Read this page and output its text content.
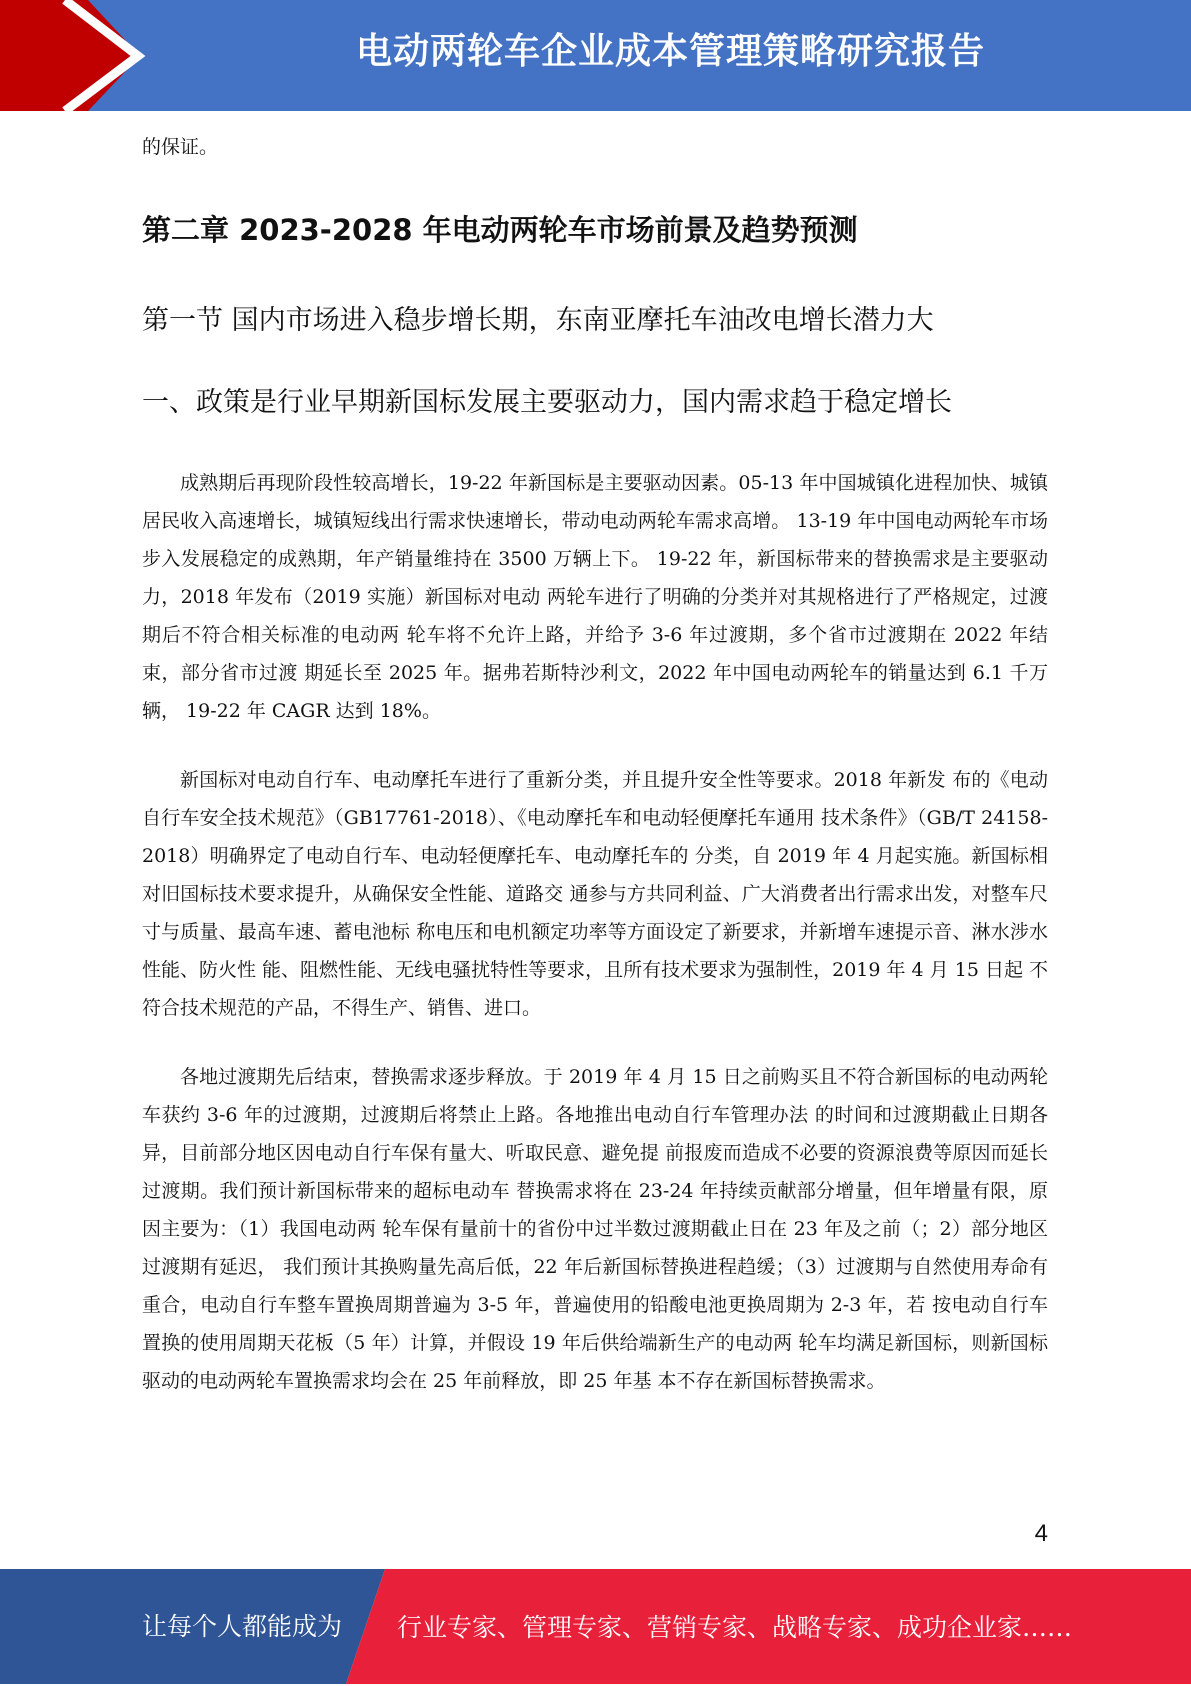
电动两轮车企业成本管理策略研究报告

的保证。

第二章 2023-2028 年电动两轮车市场前景及趋势预测
第一节 国内市场进入稳步增长期，东南亚摩托车油改电增长潜力大
一、政策是行业早期新国标发展主要驱动力，国内需求趋于稳定增长

成熟期后再现阶段性较高增长，19-22 年新国标是主要驱动因素。05-13 年中国城镇化进程加快、城镇居民收入高速增长，城镇短线出行需求快速增长，带动电动两轮车需求高增。 13-19 年中国电动两轮车市场步入发展稳定的成熟期，年产销量维持在 3500 万辆上下。 19-22 年，新国标带来的替换需求是主要驱动力，2018 年发布（2019 实施）新国标对电动 两轮车进行了明确的分类并对其规格进行了严格规定，过渡期后不符合相关标准的电动两 轮车将不允许上路，并给予 3-6 年过渡期，多个省市过渡期在 2022 年结束，部分省市过渡 期延长至 2025 年。据弗若斯特沙利文，2022 年中国电动两轮车的销量达到 6.1 千万辆， 19-22 年 CAGR 达到 18%。

新国标对电动自行车、电动摩托车进行了重新分类，并且提升安全性等要求。2018 年新发 布的《电动自行车安全技术规范》（GB17761-2018）、《电动摩托车和电动轻便摩托车通用 技术条件》（GB/T 24158-2018）明确界定了电动自行车、电动轻便摩托车、电动摩托车的 分类，自 2019 年 4 月起实施。新国标相对旧国标技术要求提升，从确保安全性能、道路交 通参与方共同利益、广大消费者出行需求出发，对整车尺寸与质量、最高车速、蓄电池标 称电压和电机额定功率等方面设定了新要求，并新增车速提示音、淋水涉水性能、防火性 能、阻燃性能、无线电骚扰特性等要求，且所有技术要求为强制性，2019 年 4 月 15 日起 不符合技术规范的产品，不得生产、销售、进口。

各地过渡期先后结束，替换需求逐步释放。于 2019 年 4 月 15 日之前购买且不符合新国标的电动两轮车获约 3-6 年的过渡期，过渡期后将禁止上路。各地推出电动自行车管理办法 的时间和过渡期截止日期各异，目前部分地区因电动自行车保有量大、听取民意、避免提 前报废而造成不必要的资源浪费等原因而延长过渡期。我们预计新国标带来的超标电动车 替换需求将在 23-24 年持续贡献部分增量，但年增量有限，原因主要为：（1）我国电动两 轮车保有量前十的省份中过半数过渡期截止日在 23 年及之前（；2）部分地区过渡期有延迟， 我们预计其换购量先高后低，22 年后新国标替换进程趋缓；（3）过渡期与自然使用寿命有 重合，电动自行车整车置换周期普遍为 3-5 年，普遍使用的铅酸电池更换周期为 2-3 年，若 按电动自行车置换的使用周期天花板（5 年）计算，并假设 19 年后供给端新生产的电动两 轮车均满足新国标，则新国标驱动的电动两轮车置换需求均会在 25 年前释放，即 25 年基 本不存在新国标替换需求。

4
让每个人都能成为 行业专家、管理专家、营销专家、战略专家、成功企业家……
